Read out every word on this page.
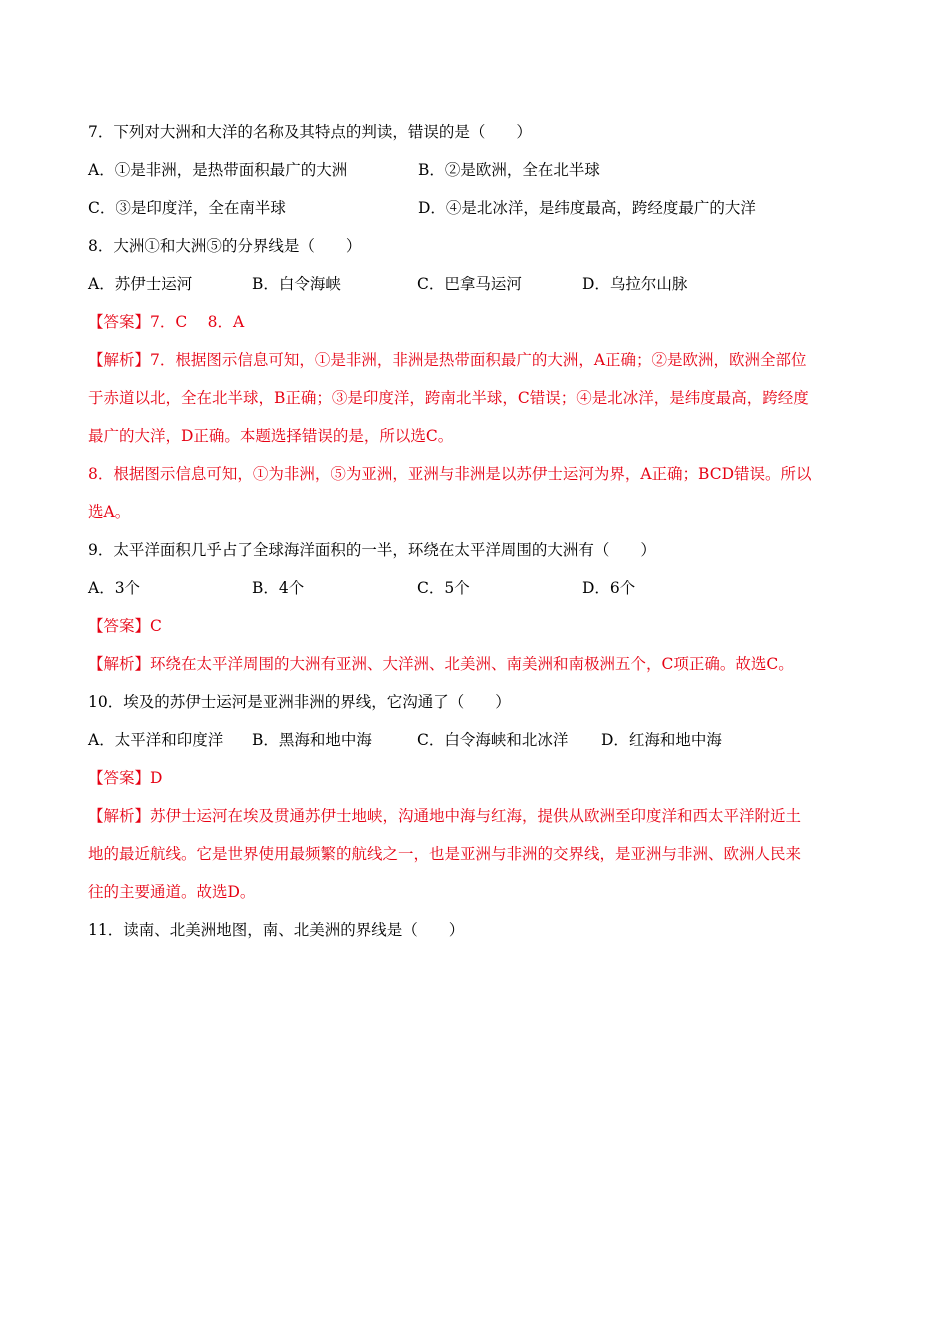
7．下列对大洲和大洋的名称及其特点的判读，错误的是（　　）
A．①是非洲，是热带面积最广的大洲	B．②是欧洲，全在北半球
C．③是印度洋，全在南半球	D．④是北冰洋，是纬度最高，跨经度最广的大洋
8．大洲①和大洲⑤的分界线是（　　）
A．苏伊士运河	B．白令海峡	C．巴拿马运河	D．乌拉尔山脉
【答案】7．C　 8．A
【解析】7．根据图示信息可知，①是非洲，非洲是热带面积最广的大洲，A正确；②是欧洲，欧洲全部位
于赤道以北，全在北半球，B正确；③是印度洋，跨南北半球，C错误；④是北冰洋，是纬度最高，跨经度
最广的大洋，D正确。本题选择错误的是，所以选C。
8．根据图示信息可知，①为非洲，⑤为亚洲，亚洲与非洲是以苏伊士运河为界，A正确；BCD错误。所以
选A。
9．太平洋面积几乎占了全球海洋面积的一半，环绕在太平洋周围的大洲有（　　）
A．3个	B．4个	C．5个	D．6个
【答案】C
【解析】环绕在太平洋周围的大洲有亚洲、大洋洲、北美洲、南美洲和南极洲五个，C项正确。故选C。
10．埃及的苏伊士运河是亚洲非洲的界线，它沟通了（　　）
A．太平洋和印度洋 B．黑海和地中海	C．白令海峡和北冰洋 D．红海和地中海
【答案】D
【解析】苏伊士运河在埃及贯通苏伊士地峡，沟通地中海与红海，提供从欧洲至印度洋和西太平洋附近土
地的最近航线。它是世界使用最频繁的航线之一，也是亚洲与非洲的交界线，是亚洲与非洲、欧洲人民来
往的主要通道。故选D。
11．读南、北美洲地图，南、北美洲的界线是（　　）
